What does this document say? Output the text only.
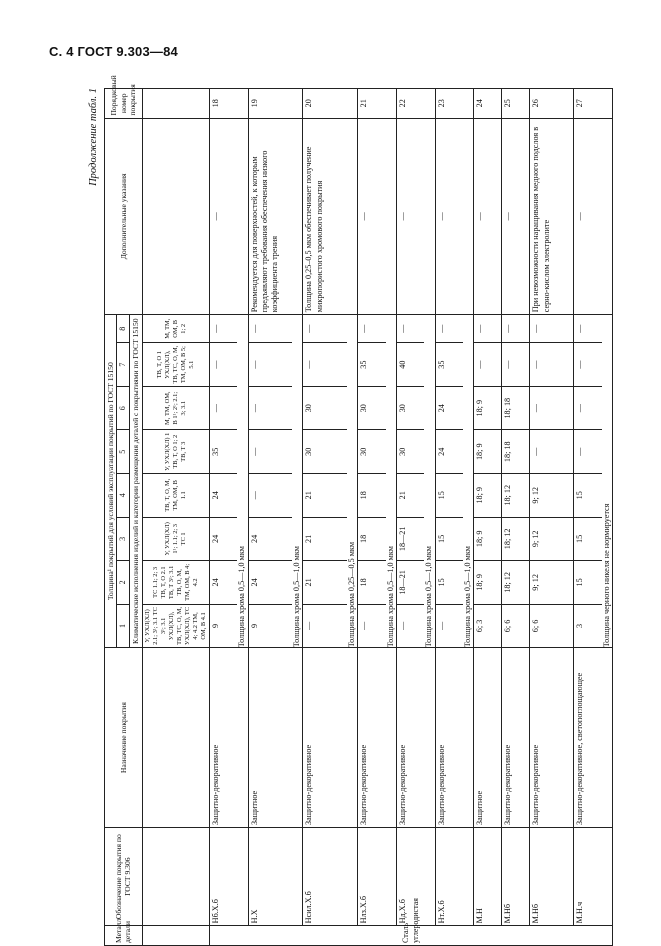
С. 4 ГОСТ 9.303—84
Продолжение табл. 1
Металл детали	Обозначение покрытия по ГОСТ 9.306	Назначение покрытия	Толщина¹ покрытий для условий эксплуатации покрытий по ГОСТ 15150								Дополнительные указания	Порядковый номер покрытия
			1	2	3	4	5	6	7	8		
			Климатические исполнения изделий и категории размещения деталей с покрытиями по ГОСТ 15150									
			У, УХЛ(ХЛ) 2.1; 3¹; 3.1 ТС 3¹; 3.1 УХЛ(ХЛ), ТВ, ТС, О, М, УХЛ(ХЛ), ТС 4; 4.2 ТМ, ОМ, В 4.1	ТС 1.1; 2; 3 ТВ, Т, О 2.1 ТВ, Т 3¹; 3.1 ТВ, О, М, ТМ, ОМ, В 4; 4.2	У, УХЛ(ХЛ) 1¹; 1.1; 2; 3 ТС 1	ТВ, Т, О, М, ТМ, ОМ, В 1.1	У, УХЛ(ХЛ) 1 ТВ, Т, О 1; 2 ТВ, Т 3	М, ТМ, ОМ, В 1¹; 2¹; 2.1; 3; 3.1	ТВ, Т, О 1 УХЛ(ХЛ), ТВ, ТС, О, М, ТМ, ОМ, В 5; 5.1	М, ТМ, ОМ, В 1; 2		
Сталь углеродистая	Нб.Х.б	Защитно-декоративное	9	24	24	24	35	—	—	—	—	18
			Толщина хрома 0,5—1,0 мкм									
	Н.Х	Защитное	9	24	24	—	—	—	—	—	Рекомендуется для поверхностей, к которым предъявляют требования обеспечения низкого коэффициента трения	19
			Толщина хрома 0,5—1,0 мкм									
	Нсил.Х.б	Защитно-декоративное	—	21	21	21	30	30	—	—	Толщина 0,25–0,5 мкм обеспечивает получение микропористого хромового покрытия	20
			Толщина хрома 0,25—0,5 мкм									
	Нлз.Х.б	Защитно-декоративное	—	18	18	18	30	30	35	—	—	21
			Толщина хрома 0,5—1,0 мкм									
	Нд.Х.б	Защитно-декоративное	—	18—21	18—21	21	30	30	40	—	—	22
			Толщина хрома 0,5—1,0 мкм									
	Нт.Х.б	Защитно-декоративное	—	15	15	15	24	24	35	—	—	23
			Толщина хрома 0,5—1,0 мкм									
	М.Н	Защитное	6; 3	18; 9	18; 9	18; 9	18; 9	18; 9	—	—	—	24

	М.Нб	Защитно-декоративное	6; 6	18; 12	18; 12	18; 12	18; 18	18; 18	—	—	—	25

	М.Нб	Защитно-декоративное	6; 6	9; 12	9; 12	9; 12	—	—	—	—	При невозможности наращивания медного подслоя в серно-кислом электролите	26

	М.Н.ч	Защитно-декоративное, светопоглощающее	3	15	15	15	—	—	—	—	—	27
			Толщина черного никеля не нормируется									
